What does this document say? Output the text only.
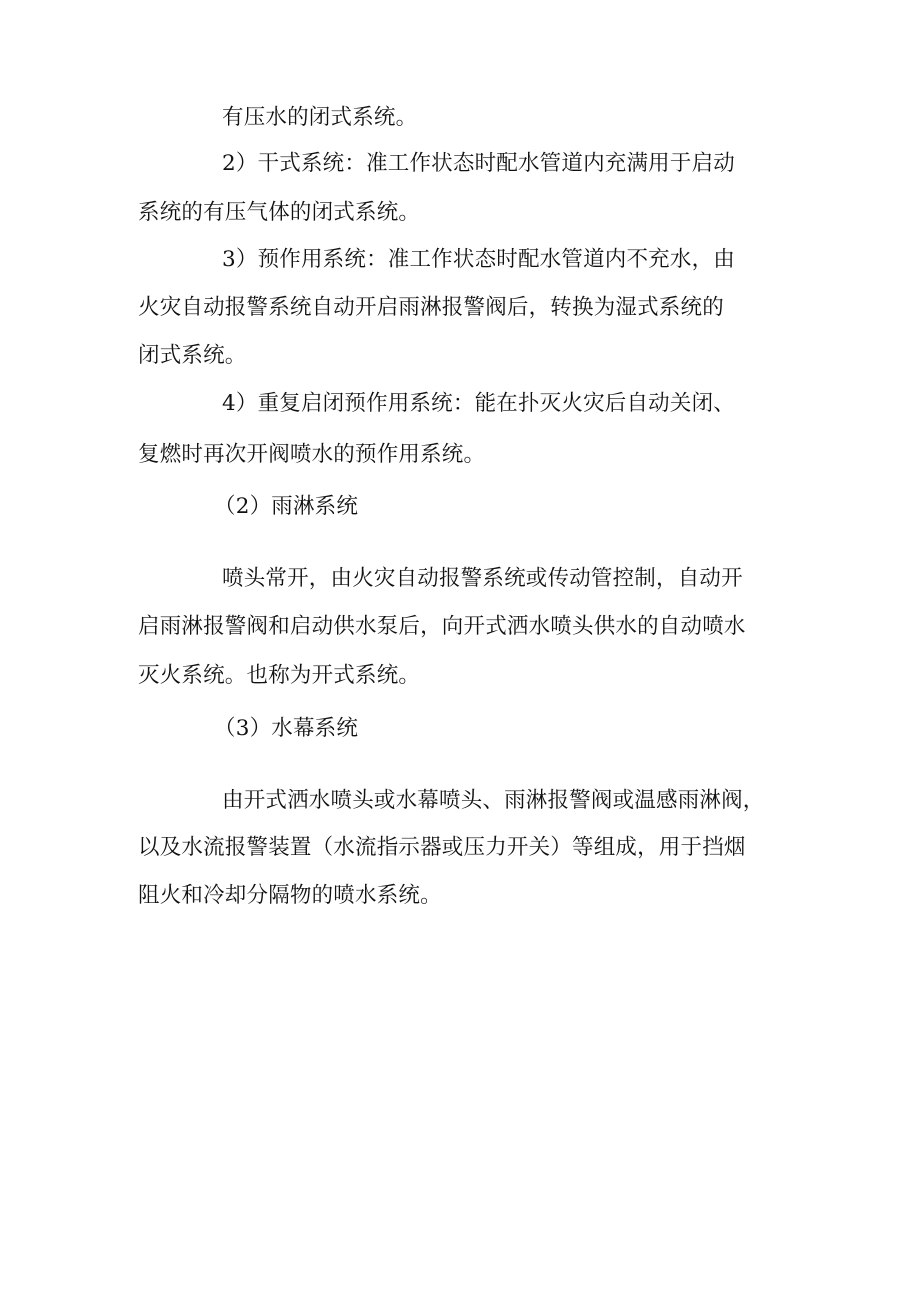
有压水的闭式系统。
2）干式系统：准工作状态时配水管道内充满用于启动
系统的有压气体的闭式系统。
3）预作用系统：准工作状态时配水管道内不充水，由
火灾自动报警系统自动开启雨淋报警阀后，转换为湿式系统的
闭式系统。
4）重复启闭预作用系统：能在扑灭火灾后自动关闭、
复燃时再次开阀喷水的预作用系统。
（2）雨淋系统
喷头常开，由火灾自动报警系统或传动管控制，自动开
启雨淋报警阀和启动供水泵后，向开式洒水喷头供水的自动喷水
灭火系统。也称为开式系统。
（3）水幕系统
由开式洒水喷头或水幕喷头、雨淋报警阀或温感雨淋阀，
以及水流报警装置（水流指示器或压力开关）等组成，用于挡烟
阻火和冷却分隔物的喷水系统。
